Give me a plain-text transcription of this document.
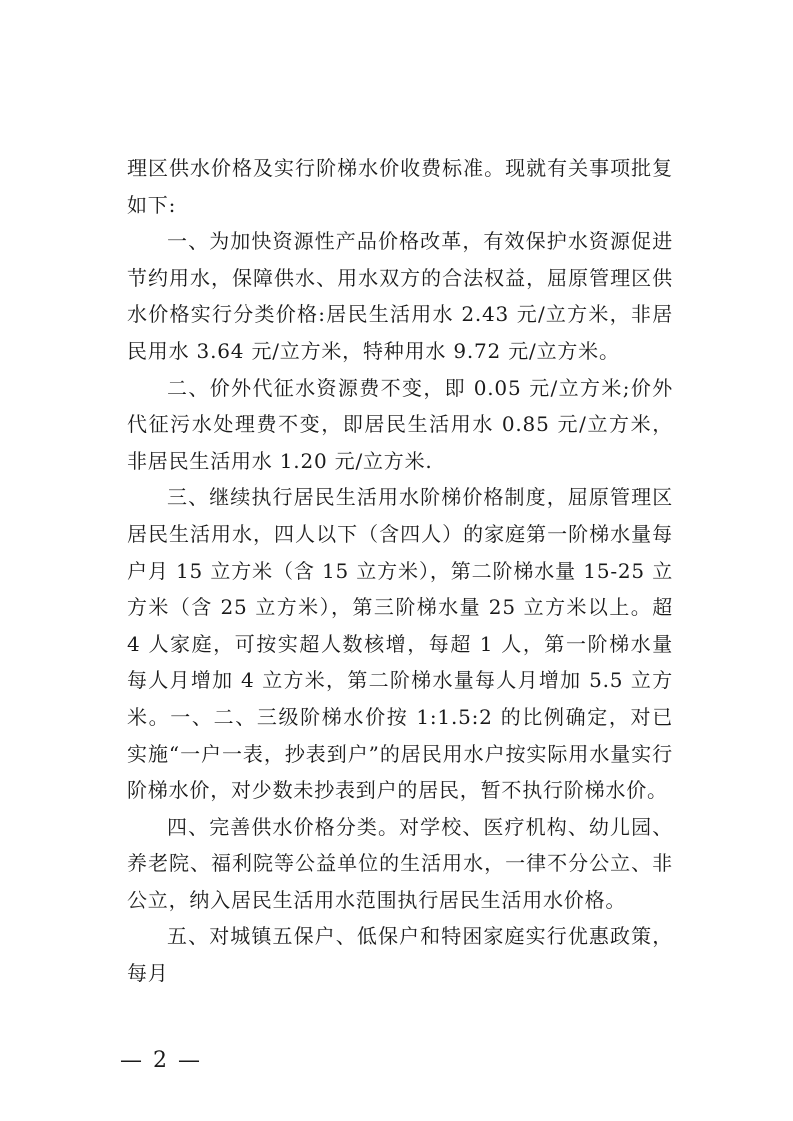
理区供水价格及实行阶梯水价收费标准。现就有关事项批复如下:

一、为加快资源性产品价格改革，有效保护水资源促进节约用水，保障供水、用水双方的合法权益，屈原管理区供水价格实行分类价格:居民生活用水 2.43 元/立方米，非居民用水 3.64 元/立方米，特种用水 9.72 元/立方米。

二、价外代征水资源费不变，即 0.05 元/立方米;价外代征污水处理费不变，即居民生活用水 0.85 元/立方米，非居民生活用水 1.20 元/立方米.

三、继续执行居民生活用水阶梯价格制度，屈原管理区居民生活用水，四人以下（含四人）的家庭第一阶梯水量每户月 15 立方米（含 15 立方米），第二阶梯水量 15-25 立方米（含 25 立方米），第三阶梯水量 25 立方米以上。超 4 人家庭，可按实超人数核增，每超 1 人，第一阶梯水量每人月增加 4 立方米，第二阶梯水量每人月增加 5.5 立方米。一、二、三级阶梯水价按 1:1.5:2 的比例确定，对已实施“一户一表，抄表到户”的居民用水户按实际用水量实行阶梯水价，对少数未抄表到户的居民，暂不执行阶梯水价。

四、完善供水价格分类。对学校、医疗机构、幼儿园、养老院、福利院等公益单位的生活用水，一律不分公立、非公立，纳入居民生活用水范围执行居民生活用水价格。

五、对城镇五保户、低保户和特困家庭实行优惠政策，每月

— 2 —
